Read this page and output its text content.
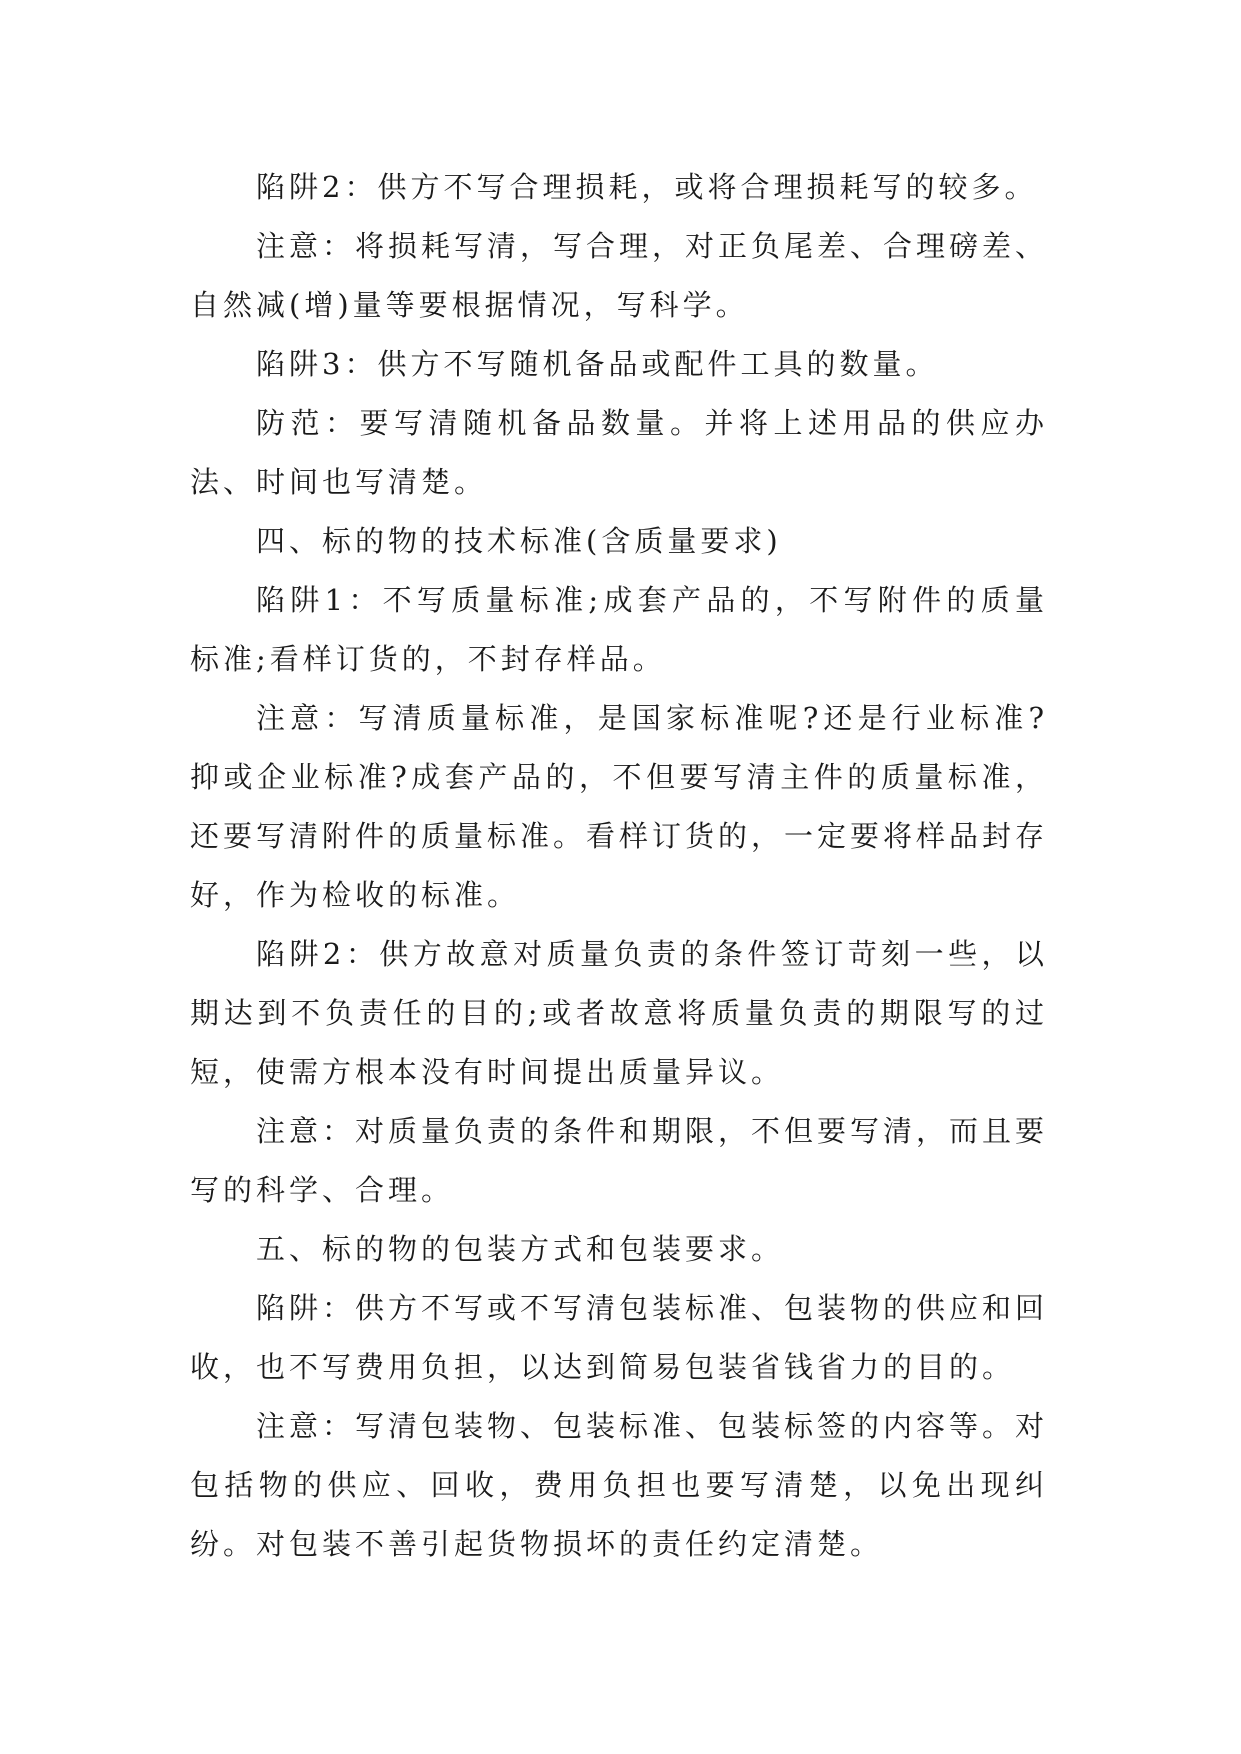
陷阱2：供方不写合理损耗，或将合理损耗写的较多。

注意：将损耗写清，写合理，对正负尾差、合理磅差、自然减(增)量等要根据情况，写科学。

陷阱3：供方不写随机备品或配件工具的数量。

防范：要写清随机备品数量。并将上述用品的供应办法、时间也写清楚。

四、标的物的技术标准(含质量要求)

陷阱1：不写质量标准;成套产品的，不写附件的质量标准;看样订货的，不封存样品。

注意：写清质量标准，是国家标准呢?还是行业标准?抑或企业标准?成套产品的，不但要写清主件的质量标准，还要写清附件的质量标准。看样订货的，一定要将样品封存好，作为检收的标准。

陷阱2：供方故意对质量负责的条件签订苛刻一些，以期达到不负责任的目的;或者故意将质量负责的期限写的过短，使需方根本没有时间提出质量异议。

注意：对质量负责的条件和期限，不但要写清，而且要写的科学、合理。

五、标的物的包装方式和包装要求。

陷阱：供方不写或不写清包装标准、包装物的供应和回收，也不写费用负担，以达到简易包装省钱省力的目的。

注意：写清包装物、包装标准、包装标签的内容等。对包括物的供应、回收，费用负担也要写清楚，以免出现纠纷。对包装不善引起货物损坏的责任约定清楚。
